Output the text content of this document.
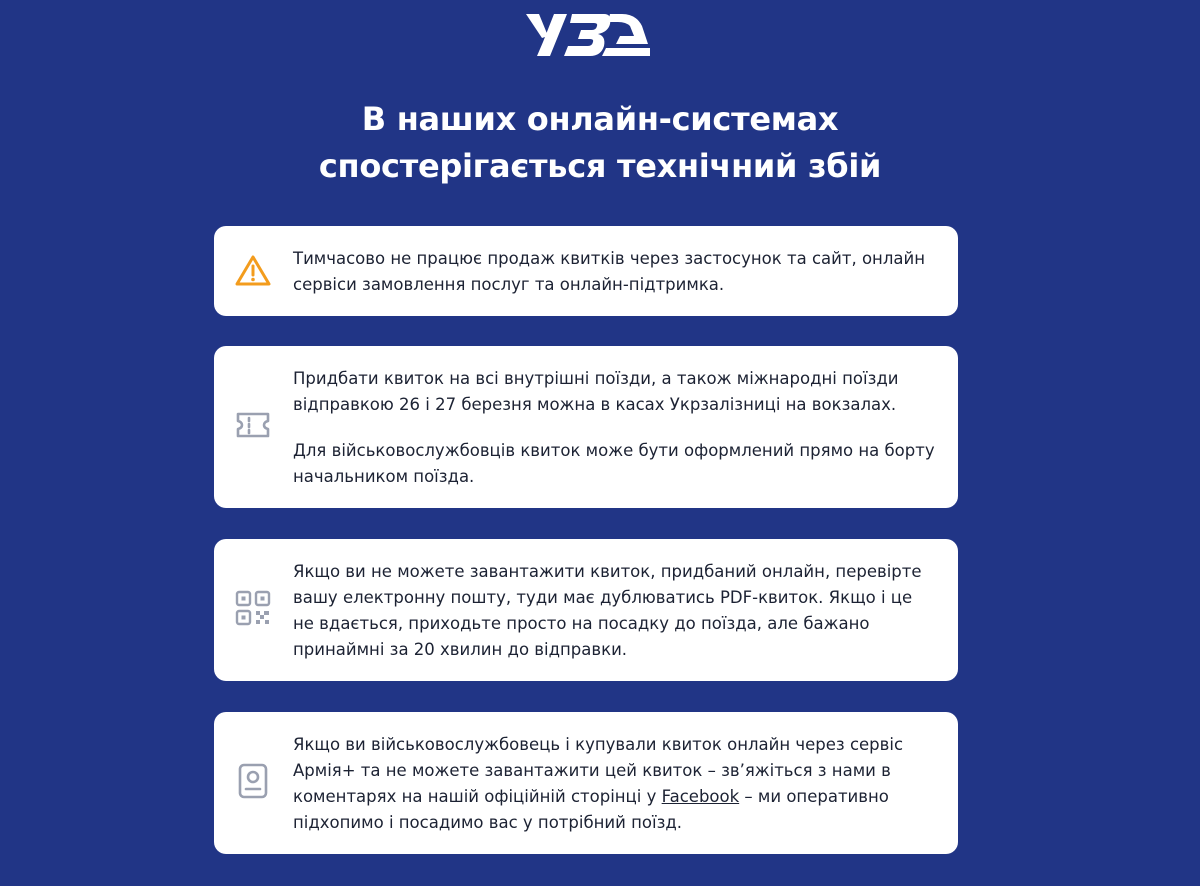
В наших онлайн-системах
спостерігається технічний збій

Тимчасово не працює продаж квитків через застосунок та сайт, онлайн сервіси замовлення послуг та онлайн-підтримка.

Придбати квиток на всі внутрішні поїзди, а також міжнародні поїзди відправкою 26 і 27 березня можна в касах Укрзалізниці на вокзалах.

Для військовослужбовців квиток може бути оформлений прямо на борту начальником поїзда.

Якщо ви не можете завантажити квиток, придбаний онлайн, перевірте вашу електронну пошту, туди має дублюватись PDF-квиток. Якщо і це не вдається, приходьте просто на посадку до поїзда, але бажано принаймні за 20 хвилин до відправки.

Якщо ви військовослужбовець і купували квиток онлайн через сервіс Армія+ та не можете завантажити цей квиток – зв’яжіться з нами в коментарях на нашій офіційній сторінці у Facebook – ми оперативно підхопимо і посадимо вас у потрібний поїзд.
